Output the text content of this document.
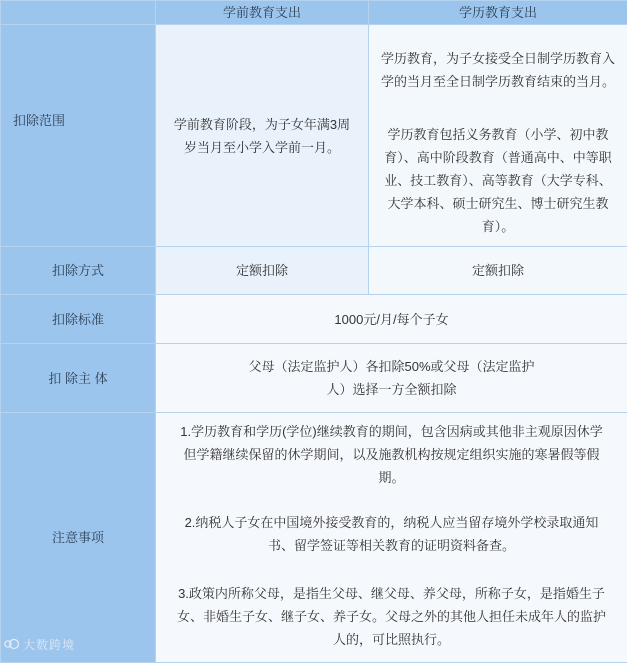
	学前教育支出	学历教育支出
扣除范围	学前教育阶段，为子女年满3周岁当月至小学入学前一月。	学历教育，为子女接受全日制学历教育入学的当月至全日制学历教育结束的当月。
学历教育包括义务教育（小学、初中教育）、高中阶段教育（普通高中、中等职业、技工教育）、高等教育（大学专科、大学本科、硕士研究生、博士研究生教育）。

扣除方式	定额扣除	定额扣除
扣除标准	1000元/月/每个子女	
扣 除主 体	父母（法定监护人）各扣除50%或父母（法定监护人）选择一方全额扣除	
注意事项	1.学历教育和学历(学位)继续教育的期间，包含因病或其他非主观原因休学但学籍继续保留的休学期间，以及施教机构按规定组织实施的寒暑假等假期。
2.纳税人子女在中国境外接受教育的，纳税人应当留存境外学校录取通知书、留学签证等相关教育的证明资料备查。
3.政策内所称父母，是指生父母、继父母、养父母，所称子女，是指婚生子女、非婚生子女、继子女、养子女。父母之外的其他人担任未成年人的监护人的，可比照执行。	
大数跨境
